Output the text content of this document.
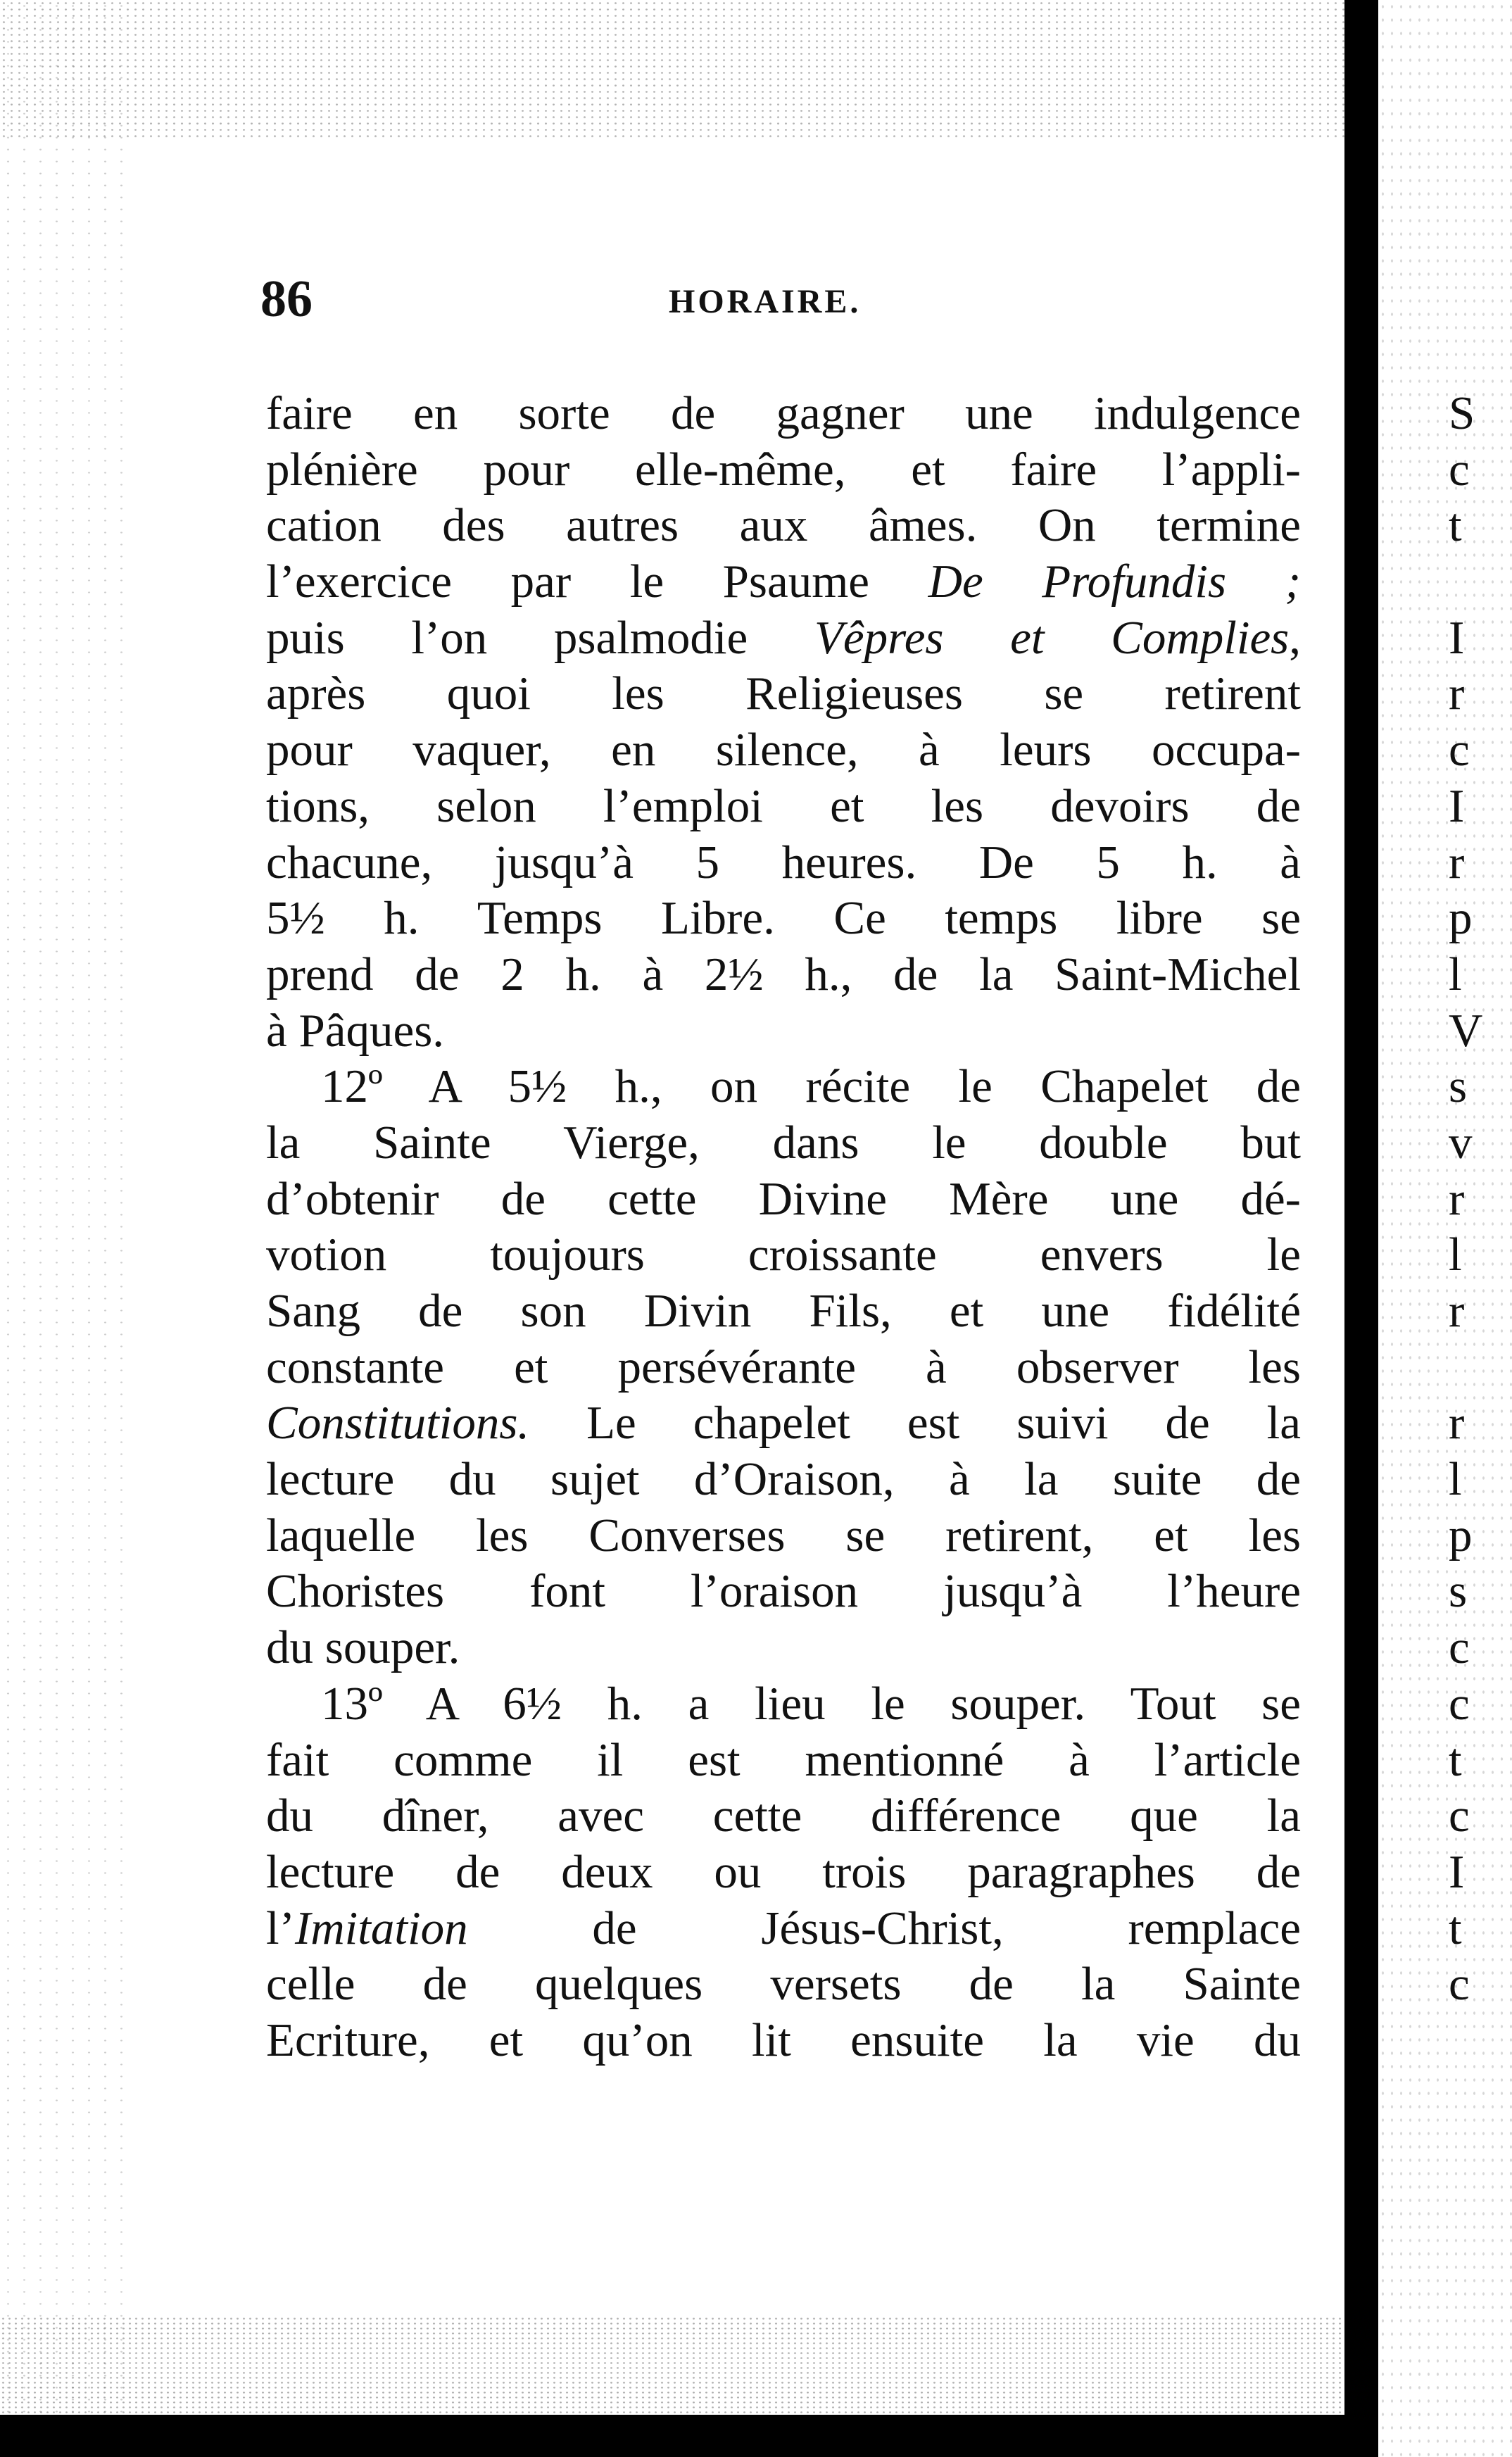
86	HORAIRE.
faire en sorte de gagner une indulgence
plénière pour elle-même, et faire l’appli-
cation des autres aux âmes. On termine
l’exercice par le Psaume De Profundis ;
puis l’on psalmodie Vêpres et Complies,
après quoi les Religieuses se retirent
pour vaquer, en silence, à leurs occupa-
tions, selon l’emploi et les devoirs de
chacune, jusqu’à 5 heures. De 5 h. à
5½ h. Temps Libre. Ce temps libre se
prend de 2 h. à 2½ h., de la Saint-Michel
à Pâques.
12º A 5½ h., on récite le Chapelet de
la Sainte Vierge, dans le double but
d’obtenir de cette Divine Mère une dé-
votion toujours croissante envers le
Sang de son Divin Fils, et une fidélité
constante et persévérante à observer les
Constitutions. Le chapelet est suivi de la
lecture du sujet d’Oraison, à la suite de
laquelle les Converses se retirent, et les
Choristes font l’oraison jusqu’à l’heure
du souper.
13º A 6½ h. a lieu le souper. Tout se
fait comme il est mentionné à l’article
du dîner, avec cette différence que la
lecture de deux ou trois paragraphes de
l’Imitation de Jésus-Christ, remplace
celle de quelques versets de la Sainte
Ecriture, et qu’on lit ensuite la vie du
S
c
t
I
r
c
I
r
p
l
V
s
v
r
l
r
r
l
p
s
c
c
t
c
I
t
c
